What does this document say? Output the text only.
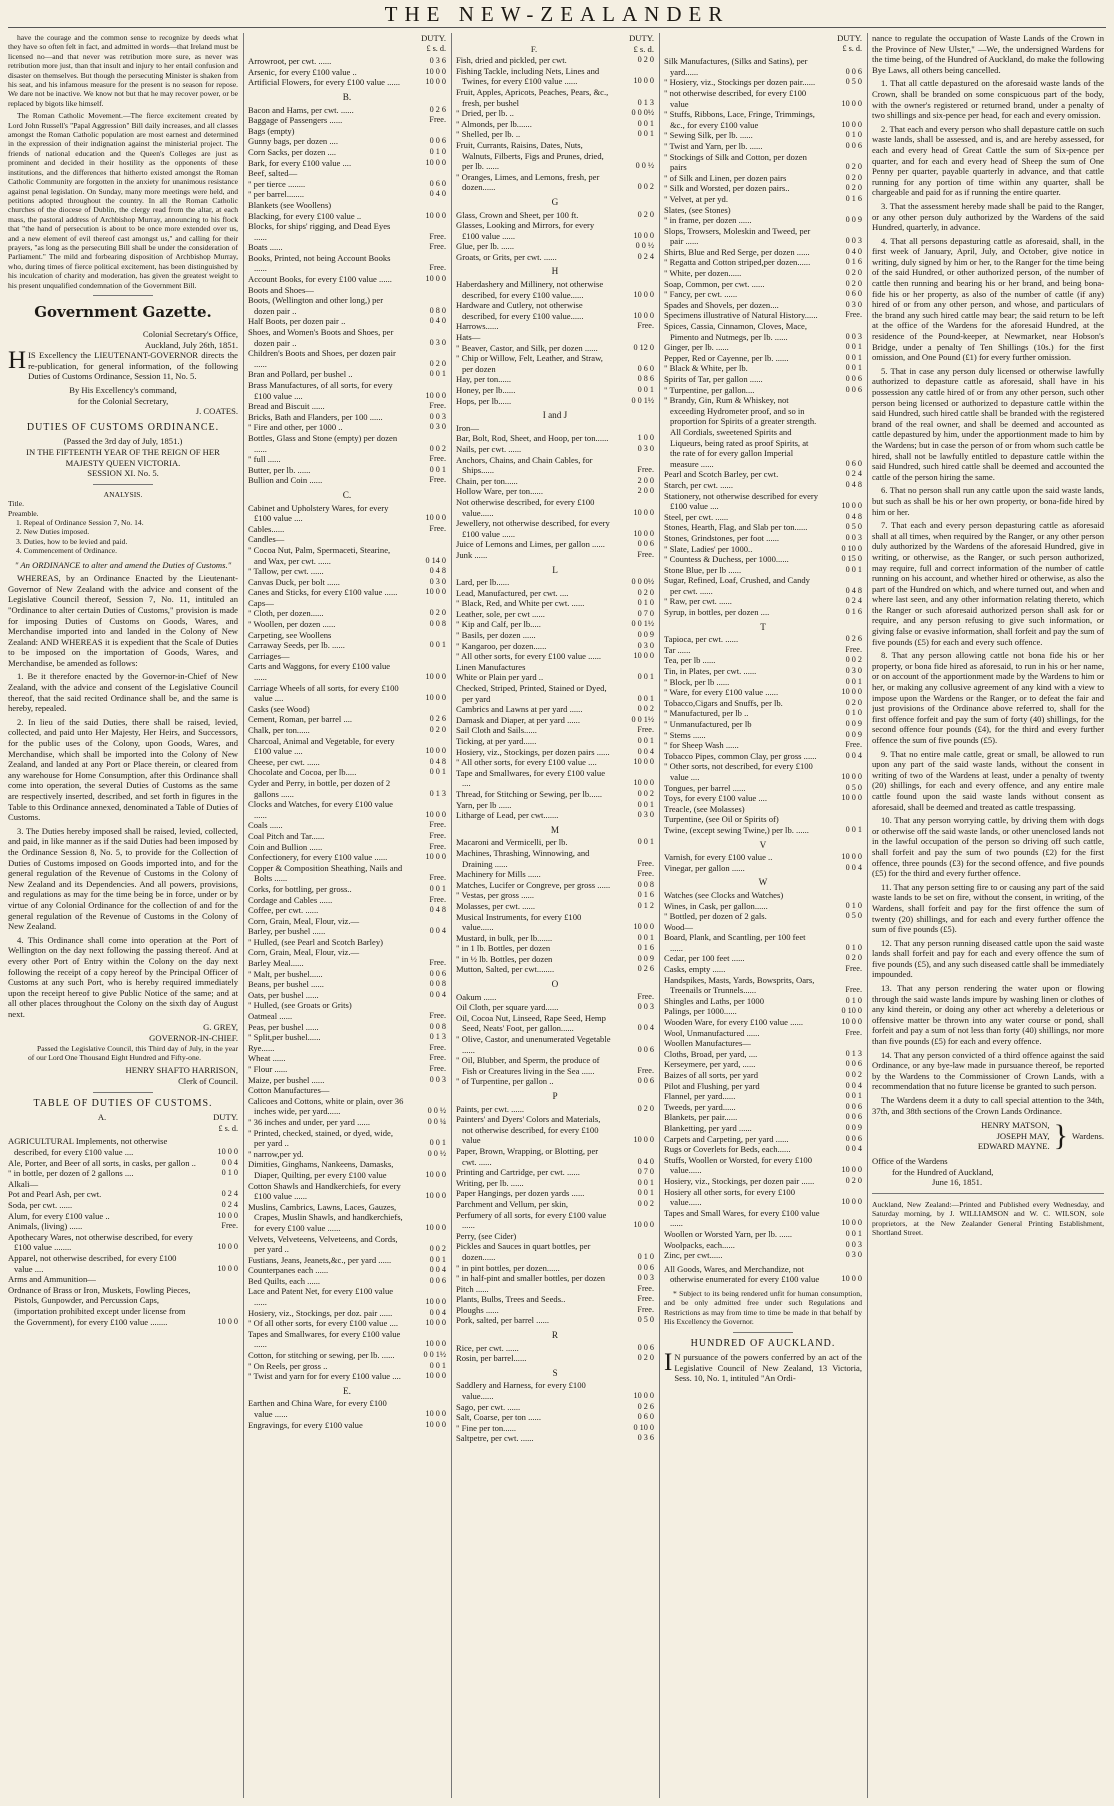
THE NEW-ZEALANDER

have the courage and the common sense to recognize by deeds what they have so often felt in fact, and admitted in words—that Ireland must be licensed no—and that never was retribution more sure, as never was retribution more just, than that insult and injury to her entail confusion and disaster on themselves. But though the persecuting Minister is shaken from his seat, and his infamous measure for the present is no season for repose. We dare not be inactive. We know not but that he may recover power, or be replaced by bigots like himself.

The Roman Catholic Movement.—The fierce excitement created by Lord John Russell's "Papal Aggression" Bill daily increases, and all classes amongst the Roman Catholic population are most earnest and determined in the expression of their indignation against the ministerial project. The friends of national education and the Queen's Colleges are just as prominent and decided in their hostility as the opponents of these institutions, and the differences that hitherto existed amongst the Roman Catholic Community are forgotten in the anxiety for unanimous resistance against penal legislation. On Sunday, many more meetings were held, and petitions adopted throughout the country. In all the Roman Catholic churches of the diocese of Dublin, the clergy read from the altar, at each mass, the pastoral address of Archbishop Murray, announcing to his flock that "the hand of persecution is about to be once more extended over us, and a new element of evil thereof cast amongst us," and calling for their prayers, "as long as the persecuting Bill shall be under the consideration of Parliament." The mild and forbearing disposition of Archbishop Murray, who, during times of fierce political excitement, has been distinguished by his inculcation of charity and moderation, has given the greatest weight to his present unqualified condemnation of the Government Bill.

Government Gazette.
Colonial Secretary's Office,
Auckland, July 26th, 1851.

HIS Excellency the LIEUTENANT-GOVERNOR directs the re-publication, for general information, of the following Duties of Customs Ordinance, Session 11, No. 5.

By His Excellency's command,
for the Colonial Secretary,
J. COATES.
DUTIES OF CUSTOMS ORDINANCE.
(Passed the 3rd day of July, 1851.)
IN THE FIFTEENTH YEAR OF THE REIGN OF HER MAJESTY QUEEN VICTORIA.
SESSION XI. No. 5.
ANALYSIS.
Title.
Preamble.
1. Repeal of Ordinance Session 7, No. 14.
2. New Duties imposed.
3. Duties, how to be levied and paid.
4. Commencement of Ordinance.

" An ORDINANCE to alter and amend the Duties of Customs."

WHEREAS, by an Ordinance Enacted by the Lieutenant-Governor of New Zealand with the advice and consent of the Legislative Council thereof, Session 7, No. 11, intituled an "Ordinance to alter certain Duties of Customs," provision is made for imposing Duties of Customs on Goods, Wares, and Merchandise imported into and landed in the Colony of New Zealand: AND WHEREAS it is expedient that the Scale of Duties to be imposed on the importation of Goods, Wares, and Merchandise, be amended as follows:

1. Be it therefore enacted by the Governor-in-Chief of New Zealand, with the advice and consent of the Legislative Council thereof, that the said recited Ordinance shall be, and the same is hereby, repealed.

2. In lieu of the said Duties, there shall be raised, levied, collected, and paid unto Her Majesty, Her Heirs, and Successors, for the public uses of the Colony, upon Goods, Wares, and Merchandise, which shall be imported into the Colony of New Zealand, and landed at any Port or Place therein, or cleared from any warehouse for Home Consumption, after this Ordinance shall come into operation, the several Duties of Customs as the same are respectively inserted, described, and set forth in figures in the Table to this Ordinance annexed, denominated a Table of Duties of Customs.

3. The Duties hereby imposed shall be raised, levied, collected, and paid, in like manner as if the said Duties had been imposed by the Ordinance Session 8, No. 5, to provide for the Collection of Duties of Customs imposed on Goods imported into, and for the general regulation of the Revenue of Customs in the Colony of New Zealand and its Dependencies. And all powers, provisions, and regulations as may for the time being be in force, under or by virtue of any Colonial Ordinance for the collection of and for the general regulation of the Revenue of Customs in the Colony of New Zealand.

4. This Ordinance shall come into operation at the Port of Wellington on the day next following the passing thereof. And at every other Port of Entry within the Colony on the day next following the receipt of a copy hereof by the Principal Officer of Customs at any such Port, who is hereby required immediately upon the receipt hereof to give Public Notice of the same; and at all other places throughout the Colony on the sixth day of August next.

G. GREY,
GOVERNOR-IN-CHIEF.

Passed the Legislative Council, this Third day of July, in the year of our Lord One Thousand Eight Hundred and Fifty-one.

HENRY SHAFTO HARRISON,
Clerk of Council.
TABLE OF DUTIES OF CUSTOMS.
A.	DUTY.
£ s. d.
AGRICULTURAL Implements, not otherwise described, for every £100 value ....	10 0 0
Ale, Porter, and Beer of all sorts, in casks, per gallon ..	0 0 4
" in bottle, per dozen of 2 gallons ....	0 1 0
Alkali—
Pot and Pearl Ash, per cwt.	0 2 4
Soda, per cwt. ......	0 2 4
Alum, for every £100 value ..	10 0 0
Animals, (living) ......	Free.
Apothecary Wares, not otherwise described, for every £100 value ........	10 0 0
Apparel, not otherwise described, for every £100 value ....	10 0 0
Arms and Ammunition—
Ordnance of Brass or Iron, Muskets, Fowling Pieces, Pistols, Gunpowder, and Percussion Caps, (importation prohibited except under license from the Government), for every £100 value ........	10 0 0
DUTY.
£ s. d.
Arrowroot, per cwt. ......	0 3 6
Arsenic, for every £100 value ..	10 0 0
Artificial Flowers, for every £100 value ......	10 0 0
B.
Bacon and Hams, per cwt. ......	0 2 6
Baggage of Passengers ......	Free.
Bags (empty)
Gunny bags, per dozen ....	0 0 6
Corn Sacks, per dozen ....	0 1 0
Bark, for every £100 value ....	10 0 0
Beef, salted—
" per tierce ........	0 6 0
" per barrel........	0 4 0
Blankets (see Woollens)
Blacking, for every £100 value ..	10 0 0
Blocks, for ships' rigging, and Dead Eyes ......	Free.
Boats ......	Free.
Books, Printed, not being Account Books ......	Free.
Account Books, for every £100 value ......	10 0 0
Boots and Shoes—
Boots, (Wellington and other long,) per dozen pair ..	0 8 0
Half Boots, per dozen pair ..	0 4 0
Shoes, and Women's Boots and Shoes, per dozen pair ..	0 3 0
Children's Boots and Shoes, per dozen pair ......	0 2 0
Bran and Pollard, per bushel ..	0 0 1
Brass Manufactures, of all sorts, for every £100 value ....	10 0 0
Bread and Biscuit ......	Free.
Bricks, Bath and Flanders, per 100 ......	0 0 3
" Fire and other, per 1000 ..	0 3 0
Bottles, Glass and Stone (empty) per dozen ......	0 0 2
" full ......	Free.
Butter, per lb. ......	0 0 1
Bullion and Coin ......	Free.
C.
Cabinet and Upholstery Wares, for every £100 value ....	10 0 0
Cables......	Free.
Candles—
" Cocoa Nut, Palm, Spermaceti, Stearine, and Wax, per cwt. ......	0 14 0
" Tallow, per cwt. ......	0 4 8
Canvas Duck, per bolt ......	0 3 0
Canes and Sticks, for every £100 value ......	10 0 0
Caps—
" Cloth, per dozen......	0 2 0
" Woollen, per dozen ......	0 0 8
Carpeting, see Woollens
Carraway Seeds, per lb. ......	0 0 1
Carriages—
Carts and Waggons, for every £100 value ......	10 0 0
Carriage Wheels of all sorts, for every £100 value ....	10 0 0
Casks (see Wood)
Cement, Roman, per barrel ....	0 2 6
Chalk, per ton......	0 2 0
Charcoal, Animal and Vegetable, for every £100 value ....	10 0 0
Cheese, per cwt. ......	0 4 8
Chocolate and Cocoa, per lb.....	0 0 1
Cyder and Perry, in bottle, per dozen of 2 gallons ......	0 1 3
Clocks and Watches, for every £100 value ......	10 0 0
Coals ......	Free.
Coal Pitch and Tar......	Free.
Coin and Bullion ......	Free.
Confectionery, for every £100 value ......	10 0 0
Copper & Composition Sheathing, Nails and Bolts ......	Free.
Corks, for bottling, per gross..	0 0 1
Cordage and Cables ......	Free.
Coffee, per cwt. ......	0 4 8
Corn, Grain, Meal, Flour, viz.—
Barley, per bushel ......	0 0 4
" Hulled, (see Pearl and Scotch Barley)
Corn, Grain, Meal, Flour, viz.—
Barley Meal......	Free.
" Malt, per bushel......	0 0 6
Beans, per bushel ......	0 0 8
Oats, per bushel ......	0 0 4
" Hulled, (see Groats or Grits)
Oatmeal ......	Free.
Peas, per bushel ......	0 0 8
" Split,per bushel......	0 1 3
Rye......	Free.
Wheat ......	Free.
" Flour ......	Free.
Maize, per bushel ......	0 0 3
Cotton Manufactures—
Calicoes and Cottons, white or plain, over 36 inches wide, per yard......	0 0 ½
" 36 inches and under, per yard ......	0 0 ¼
" Printed, checked, stained, or dyed, wide, per yard ..	0 0 1
" narrow,per yd.	0 0 ½
Dimities, Ginghams, Nankeens, Damasks, Diaper, Quilting, per every £100 value	10 0 0
Cotton Shawls and Handkerchiefs, for every £100 value ......	10 0 0
Muslins, Cambrics, Lawns, Laces, Gauzes, Crapes, Muslin Shawls, and handkerchiefs, for every £100 value ......	10 0 0
Velvets, Velveteens, Velveteens, and Cords, per yard ..	0 0 2
Fustians, Jeans, Jeanets,&c., per yard ......	0 0 1
Counterpanes each ......	0 0 4
Bed Quilts, each ......	0 0 6
Lace and Patent Net, for every £100 value ......	10 0 0
Hosiery, viz., Stockings, per doz. pair ......	0 0 4
" Of all other sorts, for every £100 value ....	10 0 0
Tapes and Smallwares, for every £100 value ......	10 0 0
Cotton, for stitching or sewing, per lb. ......	0 0 1½
" On Reels, per gross ..	0 0 1
" Twist and yarn for for every £100 value ....	10 0 0
E.
Earthen and China Ware, for every £100 value ......	10 0 0
Engravings, for every £100 value	10 0 0
DUTY.
F.	£ s. d.
Fish, dried and pickled, per cwt.	0 2 0
Fishing Tackle, including Nets, Lines and Twines, for every £100 value ......	10 0 0
Fruit, Apples, Apricots, Peaches, Pears, &c., fresh, per bushel	0 1 3
" Dried, per lb. ..	0 0 0½
" Almonds, per lb.......	0 0 1
" Shelled, per lb. ..	0 0 1
Fruit, Currants, Raisins, Dates, Nuts, Walnuts, Filberts, Figs and Prunes, dried, per lb. ......	0 0 ½
" Oranges, Limes, and Lemons, fresh, per dozen......	0 0 2
G
Glass, Crown and Sheet, per 100 ft.	0 2 0
Glasses, Looking and Mirrors, for every £100 value ......	10 0 0
Glue, per lb. ......	0 0 ½
Groats, or Grits, per cwt. ......	0 2 4
H
Haberdashery and Millinery, not otherwise described, for every £100 value......	10 0 0
Hardware and Cutlery, not otherwise described, for every £100 value......	10 0 0
Harrows......	Free.
Hats—
" Beaver, Castor, and Silk, per dozen ......	0 12 0
" Chip or Willow, Felt, Leather, and Straw, per dozen	0 6 0
Hay, per ton......	0 8 6
Honey, per lb......	0 0 1
Hops, per lb......	0 0 1½
I and J
Iron—
Bar, Bolt, Rod, Sheet, and Hoop, per ton......	1 0 0
Nails, per cwt. ......	0 3 0
Anchors, Chains, and Chain Cables, for Ships......	Free.
Chain, per ton......	2 0 0
Hollow Ware, per ton......	2 0 0
Not otherwise described, for every £100 value......	10 0 0
Jewellery, not otherwise described, for every £100 value ......	10 0 0
Juice of Lemons and Limes, per gallon ......	0 0 6
Junk ......	Free.
L
Lard, per lb......	0 0 0½
Lead, Manufactured, per cwt. ....	0 2 0
" Black, Red, and White per cwt. ......	0 1 0
Leather, sole, per cwt ......	0 7 0
" Kip and Calf, per lb.....	0 0 1½
" Basils, per dozen ......	0 0 9
" Kangaroo, per dozen......	0 3 0
" All other sorts, for every £100 value ......	10 0 0
Linen Manufactures
White or Plain per yard ..	0 0 1
Checked, Striped, Printed, Stained or Dyed, per yard	0 0 1
Cambrics and Lawns at per yard ......	0 0 2
Damask and Diaper, at per yard ......	0 0 1½
Sail Cloth and Sails......	Free.
Ticking, at per yard......	0 0 1
Hosiery, viz., Stockings, per dozen pairs ......	0 0 4
" All other sorts, for every £100 value ....	10 0 0
Tape and Smallwares, for every £100 value ....	10 0 0
Thread, for Stitching or Sewing, per lb......	0 0 2
Yarn, per lb ......	0 0 1
Litharge of Lead, per cwt.......	0 3 0
M
Macaroni and Vermicelli, per lb.	0 0 1
Machines, Thrashing, Winnowing, and Draining ......	Free.
Machinery for Mills ......	Free.
Matches, Lucifer or Congreve, per gross ......	0 0 8
" Vestas, per gross ......	0 1 6
Molasses, per cwt. ......	0 1 2
Musical Instruments, for every £100 value......	10 0 0
Mustard, in bulk, per lb.......	0 0 1
" in 1 lb. Bottles, per dozen	0 1 6
" in ½ lb. Bottles, per dozen	0 0 9
Mutton, Salted, per cwt........	0 2 6
O
Oakum ......	Free.
Oil Cloth, per square yard......	0 0 3
Oil, Cocoa Nut, Linseed, Rape Seed, Hemp Seed, Neats' Foot, per gallon......	0 0 4
" Olive, Castor, and unenumerated Vegetable ......	0 0 6
" Oil, Blubber, and Sperm, the produce of Fish or Creatures living in the Sea ......	Free.
" of Turpentine, per gallon ..	0 0 6
P
Paints, per cwt. ......	0 2 0
Painters' and Dyers' Colors and Materials, not otherwise described, for every £100 value	10 0 0
Paper, Brown, Wrapping, or Blotting, per cwt. ......	0 4 0
Printing and Cartridge, per cwt. ......	0 7 0
Writing, per lb. ......	0 0 1
Paper Hangings, per dozen yards ......	0 0 1
Parchment and Vellum, per skin,	0 0 2
Perfumery of all sorts, for every £100 value ......	10 0 0
Perry, (see Cider)
Pickles and Sauces in quart bottles, per dozen......	0 1 0
" in pint bottles, per dozen......	0 0 6
" in half-pint and smaller bottles, per dozen	0 0 3
Pitch ......	Free.
Plants, Bulbs, Trees and Seeds..	Free.
Ploughs ......	Free.
Pork, salted, per barrel ......	0 5 0
R
Rice, per cwt. ......	0 0 6
Rosin, per barrel......	0 2 0
S
Saddlery and Harness, for every £100 value......	10 0 0
Sago, per cwt. ......	0 2 6
Salt, Coarse, per ton ......	0 6 0
" Fine per ton......	0 10 0
Saltpetre, per cwt. ......	0 3 6
DUTY.
£ s. d.
Silk Manufactures, (Silks and Satins), per yard......	0 0 6
" Hosiery, viz., Stockings per dozen pair......	0 5 0
" not otherwise described, for every £100 value	10 0 0
" Stuffs, Ribbons, Lace, Fringe, Trimmings, &c., for every £100 value	10 0 0
" Sewing Silk, per lb. ......	0 1 0
" Twist and Yarn, per lb. ......	0 0 6
" Stockings of Silk and Cotton, per dozen pairs	0 2 0
" of Silk and Linen, per dozen pairs	0 2 0
" Silk and Worsted, per dozen pairs..	0 2 0
" Velvet, at per yd.	0 1 6
Slates, (see Stones)
" in frame, per dozen ......	0 0 9
Slops, Trowsers, Moleskin and Tweed, per pair ......	0 0 3
Shirts, Blue and Red Serge, per dozen ......	0 4 0
" Regatta and Cotton striped,per dozen......	0 1 6
" White, per dozen......	0 2 0
Soap, Common, per cwt. ......	0 2 0
" Fancy, per cwt. ......	0 6 0
Spades and Shovels, per dozen....	0 3 0
Specimens illustrative of Natural History......	Free.
Spices, Cassia, Cinnamon, Cloves, Mace, Pimento and Nutmegs, per lb. ......	0 0 3
Ginger, per lb. ......	0 0 1
Pepper, Red or Cayenne, per lb. ......	0 0 1
" Black & White, per lb.	0 0 1
Spirits of Tar, per gallon ......	0 0 6
" Turpentine, per gallon....	0 0 6
" Brandy, Gin, Rum & Whiskey, not exceeding Hydrometer proof, and so in proportion for Spirits of a greater strength. All Cordials, sweetened Spirits and Liqueurs, being rated as proof Spirits, at the rate of for every gallon Imperial measure ......	0 6 0
Pearl and Scotch Barley, per cwt.	0 2 4
Starch, per cwt. ......	0 4 8
Stationery, not otherwise described for every £100 value ....	10 0 0
Steel, per cwt. ......	0 4 8
Stones, Hearth, Flag, and Slab per ton......	0 5 0
Stones, Grindstones, per foot ......	0 0 3
" Slate, Ladies' per 1000..	0 10 0
" Countess & Duchess, per 1000......	0 15 0
Stone Blue, per lb ......	0 0 1
Sugar, Refined, Loaf, Crushed, and Candy per cwt. ......	0 4 8
" Raw, per cwt. ......	0 2 4
Syrup, in bottles, per dozen ....	0 1 6
T
Tapioca, per cwt. ......	0 2 6
Tar ......	Free.
Tea, per lb ......	0 0 2
Tin, in Plates, per cwt. ......	0 3 0
" Block, per lb ......	0 0 1
" Ware, for every £100 value ......	10 0 0
Tobacco,Cigars and Snuffs, per lb.	0 2 0
" Manufactured, per lb ..	0 1 0
" Unmanufactured, per lb	0 0 9
" Stems ......	0 0 9
" for Sheep Wash ......	Free.
Tobacco Pipes, common Clay, per gross ......	0 0 4
" Other sorts, not described, for every £100 value ....	10 0 0
Tongues, per barrel ......	0 5 0
Toys, for every £100 value ....	10 0 0
Treacle, (see Molasses)
Turpentine, (see Oil or Spirits of)
Twine, (except sewing Twine,) per lb. ......	0 0 1
V
Varnish, for every £100 value ..	10 0 0
Vinegar, per gallon ......	0 0 4
W
Watches (see Clocks and Watches)
Wines, in Cask, per gallon......	0 1 0
" Bottled, per dozen of 2 gals.	0 5 0
Wood—
Board, Plank, and Scantling, per 100 feet ......	0 1 0
Cedar, per 100 feet ......	0 2 0
Casks, empty ......	Free.
Handspikes, Masts, Yards, Bowsprits, Oars, Treenails or Trunnels......	Free.
Shingles and Laths, per 1000	0 1 0
Palings, per 1000......	0 10 0
Wooden Ware, for every £100 value ......	10 0 0
Wool, Unmanufactured ......	Free.
Woollen Manufactures—
Cloths, Broad, per yard, ....	0 1 3
Kerseymere, per yard, ......	0 0 6
Baizes of all sorts, per yard	0 0 2
Pilot and Flushing, per yard	0 0 4
Flannel, per yard......	0 0 1
Tweeds, per yard......	0 0 6
Blankets, per pair......	0 0 6
Blanketting, per yard ......	0 0 9
Carpets and Carpeting, per yard ......	0 0 6
Rugs or Coverlets for Beds, each......	0 0 4
Stuffs, Woollen or Worsted, for every £100 value......	10 0 0
Hosiery, viz., Stockings, per dozen pair ......	0 2 0
Hosiery all other sorts, for every £100 value......	10 0 0
Tapes and Small Wares, for every £100 value ......	10 0 0
Woollen or Worsted Yarn, per lb. ......	0 0 1
Woolpacks, each......	0 0 3
Zinc, per cwt......	0 3 0
All Goods, Wares, and Merchandize, not otherwise enumerated for every £100 value	10 0 0

* Subject to its being rendered unfit for human consumption, and be only admitted free under such Regulations and Restrictions as may from time to time be made in that behalf by His Excellency the Governor.

HUNDRED OF AUCKLAND.

I N pursuance of the powers conferred by an act of the Legislative Council of New Zealand, 13 Victoria, Sess. 10, No. 1, intituled "An Ordi-

nance to regulate the occupation of Waste Lands of the Crown in the Province of New Ulster," —We, the undersigned Wardens for the time being, of the Hundred of Auckland, do make the following Bye Laws, all others being cancelled.

1. That all cattle depastured on the aforesaid waste lands of the Crown, shall be branded on some conspicuous part of the body, with the owner's registered or returned brand, under a penalty of two shillings and six-pence per head, for each and every omission.

2. That each and every person who shall depasture cattle on such waste lands, shall be assessed, and is, and are hereby assessed, for each and every head of Great Cattle the sum of Six-pence per quarter, and for each and every head of Sheep the sum of One Penny per quarter, payable quarterly in advance, and that cattle running for any portion of time within any quarter, shall be chargeable and paid for as if running the entire quarter.

3. That the assessment hereby made shall be paid to the Ranger, or any other person duly authorized by the Wardens of the said Hundred, quarterly, in advance.

4. That all persons depasturing cattle as aforesaid, shall, in the first week of January, April, July, and October, give notice in writing, duly signed by him or her, to the Ranger for the time being of the said Hundred, or other authorized person, of the number of cattle then running and bearing his or her brand, and being bona-fide his or her property, as also of the number of cattle (if any) hired of or from any other person, and whose, and particulars of the brand any such hired cattle may bear; the said return to be left at the office of the Wardens for the aforesaid Hundred, at the residence of the Pound-keeper, at Newmarket, near Hobson's Bridge, under a penalty of Ten Shillings (10s.) for the first omission, and One Pound (£1) for every further omission.

5. That in case any person duly licensed or otherwise lawfully authorized to depasture cattle as aforesaid, shall have in his possession any cattle hired of or from any other person, such other person being licensed or authorized to depasture cattle within the said Hundred, such hired cattle shall be branded with the registered brand of the real owner, and shall be deemed and accounted as cattle depastured by him, under the apportionment made to him by the Wardens; but in case the person of or from whom such cattle be hired, shall not be lawfully entitled to depasture cattle within the said Hundred, such hired cattle shall be deemed and accounted the cattle of the person hiring the same.

6. That no person shall run any cattle upon the said waste lands, but such as shall be his or her own property, or bona-fide hired by him or her.

7. That each and every person depasturing cattle as aforesaid shall at all times, when required by the Ranger, or any other person duly authorized by the Wardens of the aforesaid Hundred, give in writing, or otherwise, as the Ranger, or such person authorized, may require, full and correct information of the number of cattle running on his account, and whether hired or otherwise, as also the part of the Hundred on which, and where turned out, and when and where last seen, and any other information relating thereto, which the Ranger or such aforesaid authorized person shall ask for or require, and any person refusing to give such information, or giving false or evasive information, shall forfeit and pay the sum of five pounds (£5) for each and every such offence.

8. That any person allowing cattle not bona fide his or her property, or bona fide hired as aforesaid, to run in his or her name, or on account of the apportionment made by the Wardens to him or her, or making any collusive agreement of any kind with a view to impose upon the Wardens or the Ranger, or to defeat the fair and just provisions of the Ordinance above referred to, shall for the first offence forfeit and pay the sum of forty (40) shillings, for the second offence four pounds (£4), for the third and every further offence the sum of five pounds (£5).

9. That no entire male cattle, great or small, be allowed to run upon any part of the said waste lands, without the consent in writing of two of the Wardens at least, under a penalty of twenty (20) shillings, for each and every offence, and any entire male cattle found upon the said waste lands without consent as aforesaid, shall be deemed and treated as cattle trespassing.

10. That any person worrying cattle, by driving them with dogs or otherwise off the said waste lands, or other unenclosed lands not in the lawful occupation of the person so driving off such cattle, shall forfeit and pay the sum of two pounds (£2) for the first offence, three pounds (£3) for the second offence, and five pounds (£5) for the third and every further offence.

11. That any person setting fire to or causing any part of the said waste lands to be set on fire, without the consent, in writing, of the Wardens, shall forfeit and pay for the first offence the sum of twenty (20) shillings, and for each and every further offence the sum of five pounds (£5).

12. That any person running diseased cattle upon the said waste lands shall forfeit and pay for each and every offence the sum of five pounds (£5), and any such diseased cattle shall be immediately impounded.

13. That any person rendering the water upon or flowing through the said waste lands impure by washing linen or clothes of any kind therein, or doing any other act whereby a deleterious or offensive matter be thrown into any water course or pond, shall forfeit and pay a sum of not less than forty (40) shillings, nor more than five pounds (£5) for each and every offence.

14. That any person convicted of a third offence against the said Ordinance, or any bye-law made in pursuance thereof, be reported by the Wardens to the Commissioner of Crown Lands, with a recommendation that no future license be granted to such person.

The Wardens deem it a duty to call special attention to the 34th, 37th, and 38th sections of the Crown Lands Ordinance.

HENRY MATSON,
JOSEPH MAY,
EDWARD MAYNE. } Wardens.
Office of the Wardens
for the Hundred of Auckland,
June 16, 1851.

Auckland, New Zealand:—Printed and Published every Wednesday, and Saturday morning, by J. WILLIAMSON and W. C. WILSON, sole proprietors, at the New Zealander General Printing Establishment, Shortland Street.
